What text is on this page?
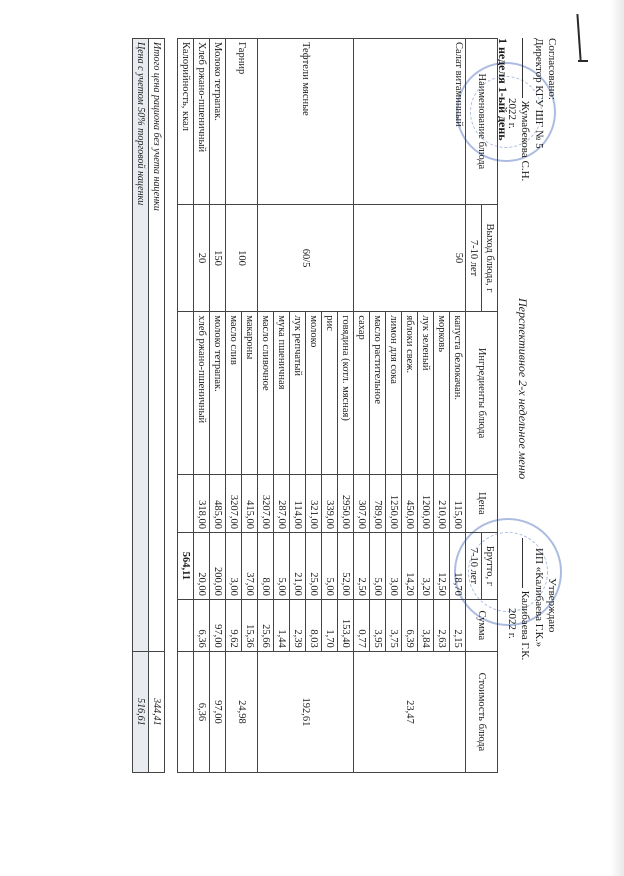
Согласовано:
Директор КГУ ШГ № 5
Жумабекова С.Н.
2022 г.
Утверждаю
ИП «Калибаева Г.К.»
Калибаева Г.К.
2022 г.
Перспективное 2-х недельное меню
1 неделя 1-ый день
Наименование блюда	Выход блюда, г	Ингредиенты блюда	Цена	Брутто, г	Сумма	Стоимость блюда
	7-10 лет			7-10 лет		
Салат витаминный	50	капуста белокачан.	115,00	18,70	2,15	23,47
		морковь	210,00	12,50	2,63	
		лук зеленый	1200,00	3,20	3,84	
		яблоки свеж.	450,00	14,20	6,39	
		лимон для сока	1250,00	3,00	3,75	
		масло растительное	789,00	5,00	3,95	
		сахар	307,00	2,50	0,77	
Тефтели мясные	60/5	говядина (котл. мясная)	2950,00	52,00	153,40	192,61
		рис	339,00	5,00	1,70	
		молоко	321,00	25,00	8,03	
		лук репчатый	114,00	21,00	2,39	
		мука пшеничная	287,00	5,00	1,44	
		масло сливочное	3207,00	8,00	25,66	
Гарнир	100	макароны	415,00	37,00	15,36	24,98
		масло слив	3207,00	3,00	9,62	
Молоко тетрапак.	150	молоко тетрапак.	485,00	200,00	97,00	97,00
Хлеб ржано-пшеничный	20	хлеб ржано-пшеничный	318,00	20,00	6,36	6,36
Калорийность, ккал				564,11		

Итого цена рациона без учета наценки						344,41
Цена с учетом 50% торговой наценки						516,61
